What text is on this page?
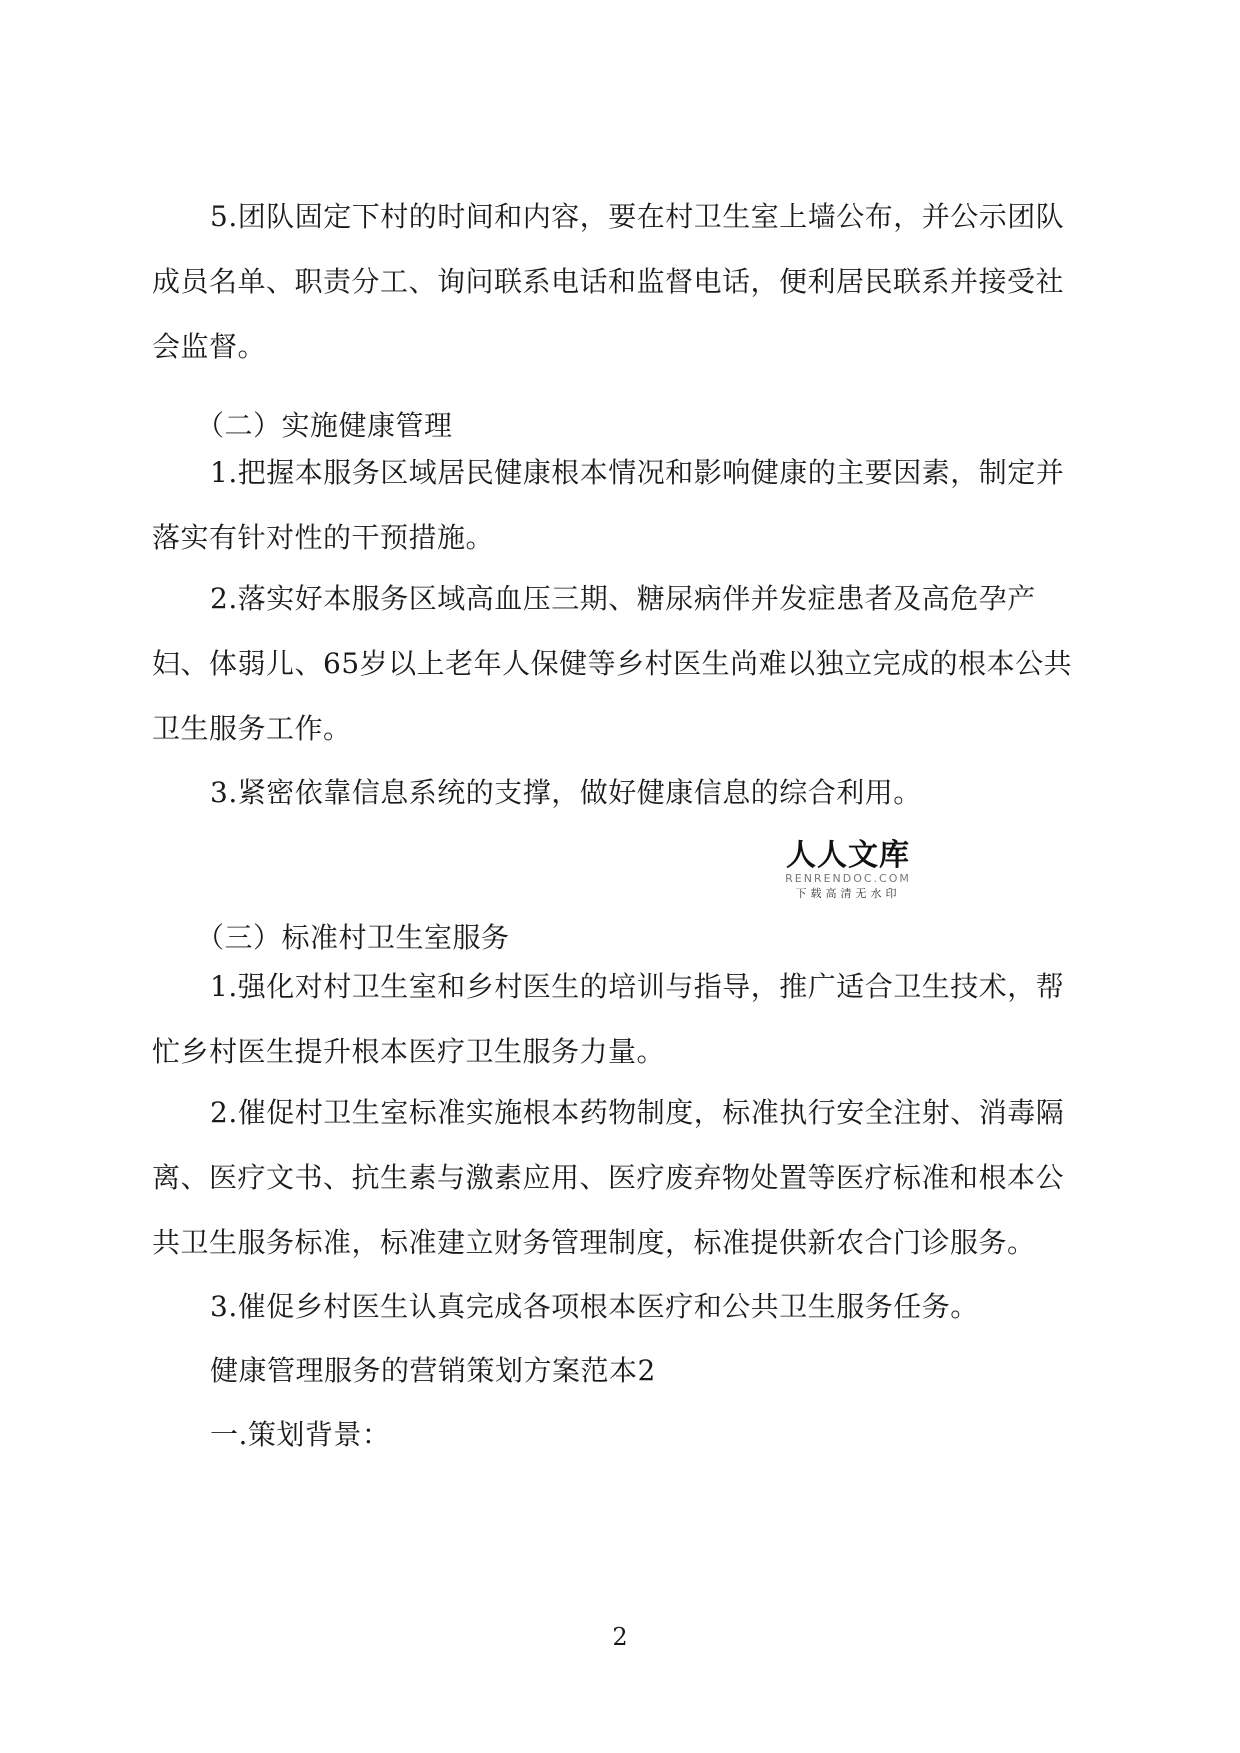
5.团队固定下村的时间和内容，要在村卫生室上墙公布，并公示团队成员名单、职责分工、询问联系电话和监督电话，便利居民联系并接受社会监督。

（二）实施健康管理

1.把握本服务区域居民健康根本情况和影响健康的主要因素，制定并落实有针对性的干预措施。

2.落实好本服务区域高血压三期、糖尿病伴并发症患者及高危孕产妇、体弱儿、65岁以上老年人保健等乡村医生尚难以独立完成的根本公共卫生服务工作。

3.紧密依靠信息系统的支撑，做好健康信息的综合利用。

（三）标准村卫生室服务

1.强化对村卫生室和乡村医生的培训与指导，推广适合卫生技术，帮忙乡村医生提升根本医疗卫生服务力量。

2.催促村卫生室标准实施根本药物制度，标准执行安全注射、消毒隔离、医疗文书、抗生素与激素应用、医疗废弃物处置等医疗标准和根本公共卫生服务标准，标准建立财务管理制度，标准提供新农合门诊服务。

3.催促乡村医生认真完成各项根本医疗和公共卫生服务任务。

健康管理服务的营销策划方案范本2

一.策划背景：

人人文库
RENRENDOC.COM
下载高清无水印
2
